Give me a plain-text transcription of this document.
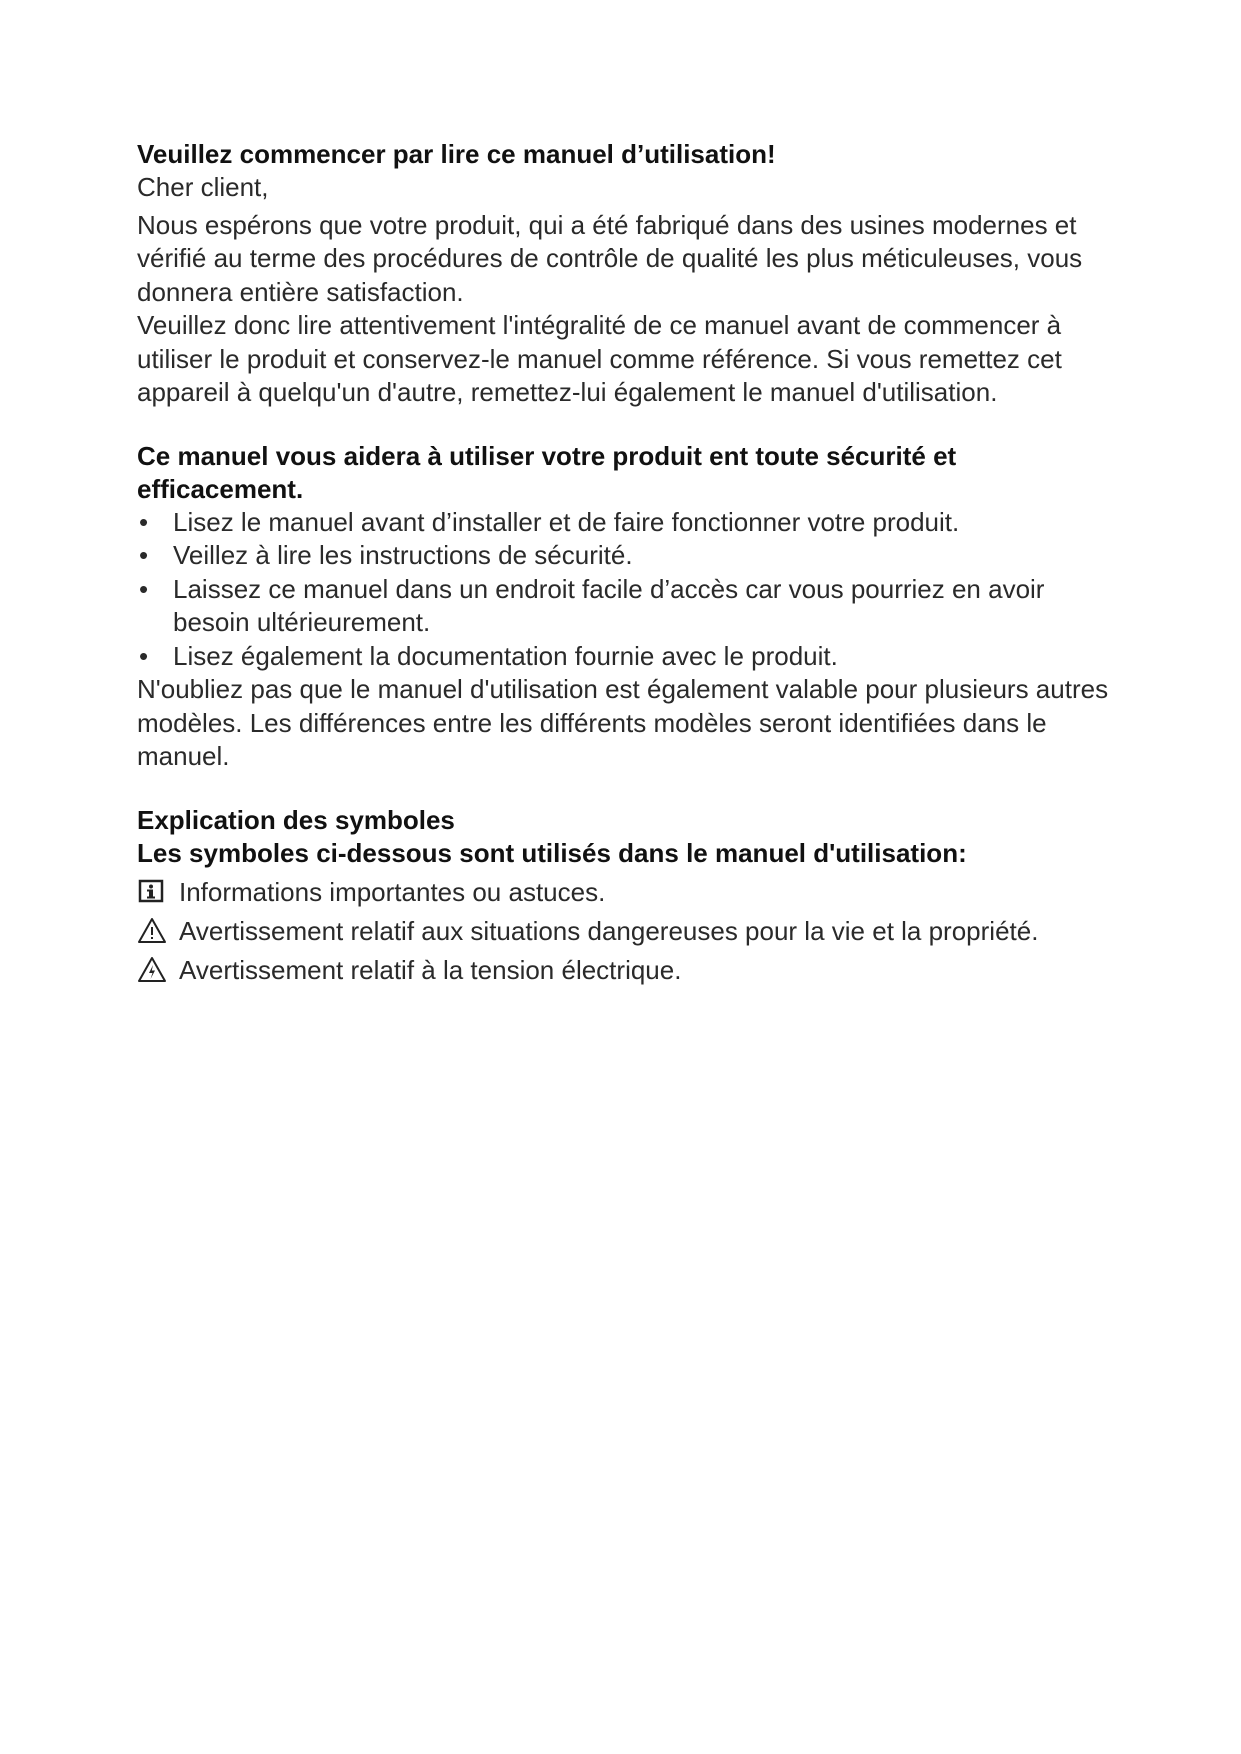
Veuillez commencer par lire ce manuel d’utilisation!

Cher client,

Nous espérons que votre produit, qui a été fabriqué dans des usines modernes et vérifié au terme des procédures de contrôle de qualité les plus méticuleuses, vous donnera entière satisfaction.

Veuillez donc lire attentivement l'intégralité de ce manuel avant de commencer à utiliser le produit et conservez-le manuel comme référence. Si vous remettez cet appareil à quelqu'un d'autre, remettez-lui également le manuel d'utilisation.

Ce manuel vous aidera à utiliser votre produit ent toute sécurité et efficacement.

• Lisez le manuel avant d’installer et de faire fonctionner votre produit.
• Veillez à lire les instructions de sécurité.
• Laissez ce manuel dans un endroit facile d’accès car vous pourriez en avoir besoin ultérieurement.
• Lisez également la documentation fournie avec le produit.

N'oubliez pas que le manuel d'utilisation est également valable pour plusieurs autres modèles. Les différences entre les différents modèles seront identifiées dans le manuel.

Explication des symboles

Les symboles ci-dessous sont utilisés dans le manuel d'utilisation:

Informations importantes ou astuces.
Avertissement relatif aux situations dangereuses pour la vie et la propriété.
Avertissement relatif à la tension électrique.
